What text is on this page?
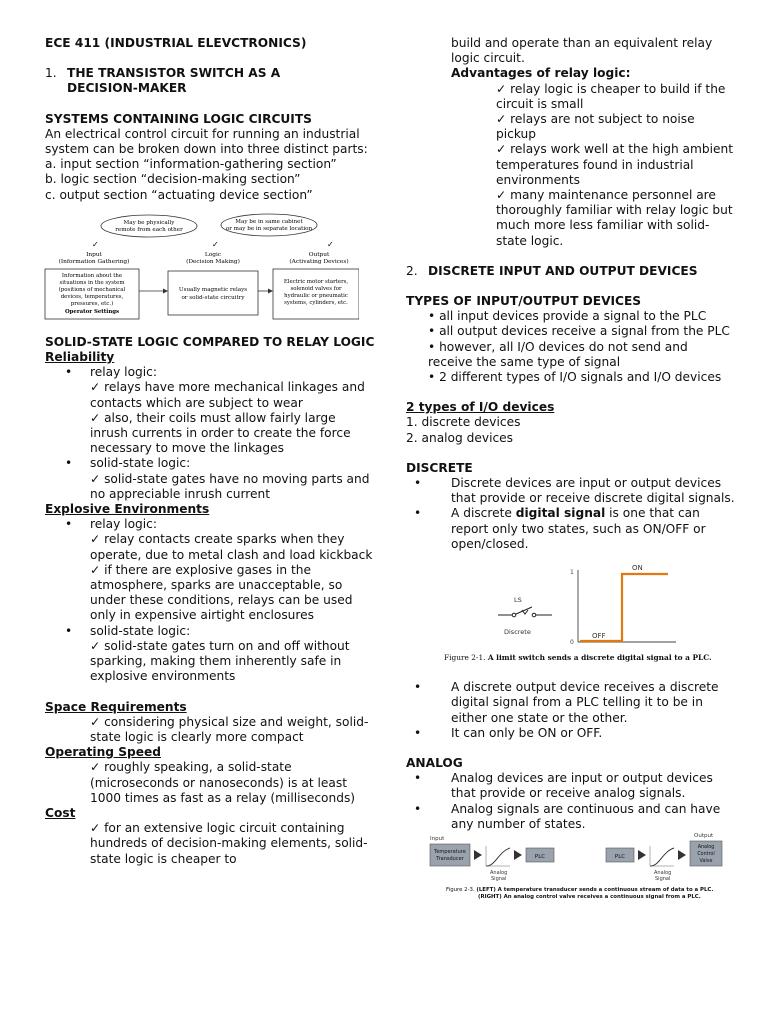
ECE 411 (INDUSTRIAL ELEVCTRONICS)
1. THE TRANSISTOR SWITCH AS A DECISION-MAKER
SYSTEMS CONTAINING LOGIC CIRCUITS
An electrical control circuit for running an industrial system can be broken down into three distinct parts:
a. input section “information-gathering section”
b. logic section “decision-making section”
c. output section “actuating device section”
May be physically
remote from each other
May be in same cabinet
or may be in separate location
✓	✓	✓
Input
(Information Gathering)
Logic
(Decision Making)
Output
(Activating Devices)
Information about the
situations in the system
(positions of mechanical
devices, temperatures,
pressures, etc.)
Operator Settings
Usually magnetic relays
or solid-state circuitry
Electric motor starters,
solenoid valves for
hydraulic or pneumatic
systems, cylinders, etc.
SOLID-STATE LOGIC COMPARED TO RELAY LOGIC
Reliability
• relay logic:
✓ relays have more mechanical linkages and contacts which are subject to wear
✓ also, their coils must allow fairly large inrush currents in order to create the force necessary to move the linkages
• solid-state logic:
✓ solid-state gates have no moving parts and no appreciable inrush current
Explosive Environments
• relay logic:
✓ relay contacts create sparks when they operate, due to metal clash and load kickback
✓ if there are explosive gases in the atmosphere, sparks are unacceptable, so under these conditions, relays can be used only in expensive airtight enclosures
• solid-state logic:
✓ solid-state gates turn on and off without sparking, making them inherently safe in explosive environments
Space Requirements
✓ considering physical size and weight, solid-state logic is clearly more compact
Operating Speed
✓ roughly speaking, a solid-state (microseconds or nanoseconds) is at least 1000 times as fast as a relay (milliseconds)
Cost
✓ for an extensive logic circuit containing hundreds of decision-making elements, solid-state logic is cheaper to
build and operate than an equivalent relay logic circuit.
Advantages of relay logic:
✓ relay logic is cheaper to build if the circuit is small
✓ relays are not subject to noise pickup
✓ relays work well at the high ambient temperatures found in industrial environments
✓ many maintenance personnel are thoroughly familiar with relay logic but much more less familiar with solid-state logic.
2. DISCRETE INPUT AND OUTPUT DEVICES
TYPES OF INPUT/OUTPUT DEVICES
• all input devices provide a signal to the PLC
• all output devices receive a signal from the PLC
• however, all I/O devices do not send and receive the same type of signal
• 2 different types of I/O signals and I/O devices
2 types of I/O devices
1. discrete devices
2. analog devices
DISCRETE
• Discrete devices are input or output devices that provide or receive discrete digital signals.
• A discrete digital signal is one that can report only two states, such as ON/OFF or open/closed.
1
0
ON
OFF
LS
Discrete
Figure 2-1. A limit switch sends a discrete digital signal to a PLC.
• A discrete output device receives a discrete digital signal from a PLC telling it to be in either one state or the other.
• It can only be ON or OFF.
ANALOG
• Analog devices are input or output devices that provide or receive analog signals.
• Analog signals are continuous and can have any number of states.
Input
Temperature
Transducer
Analog
Signal
PLC	PLC
Analog
Signal
Output
Analog
Control
Valve
Figure 2-3. (LEFT) A temperature transducer sends a continuous stream of data to a PLC.
(RIGHT) An analog control valve receives a continuous signal from a PLC.
